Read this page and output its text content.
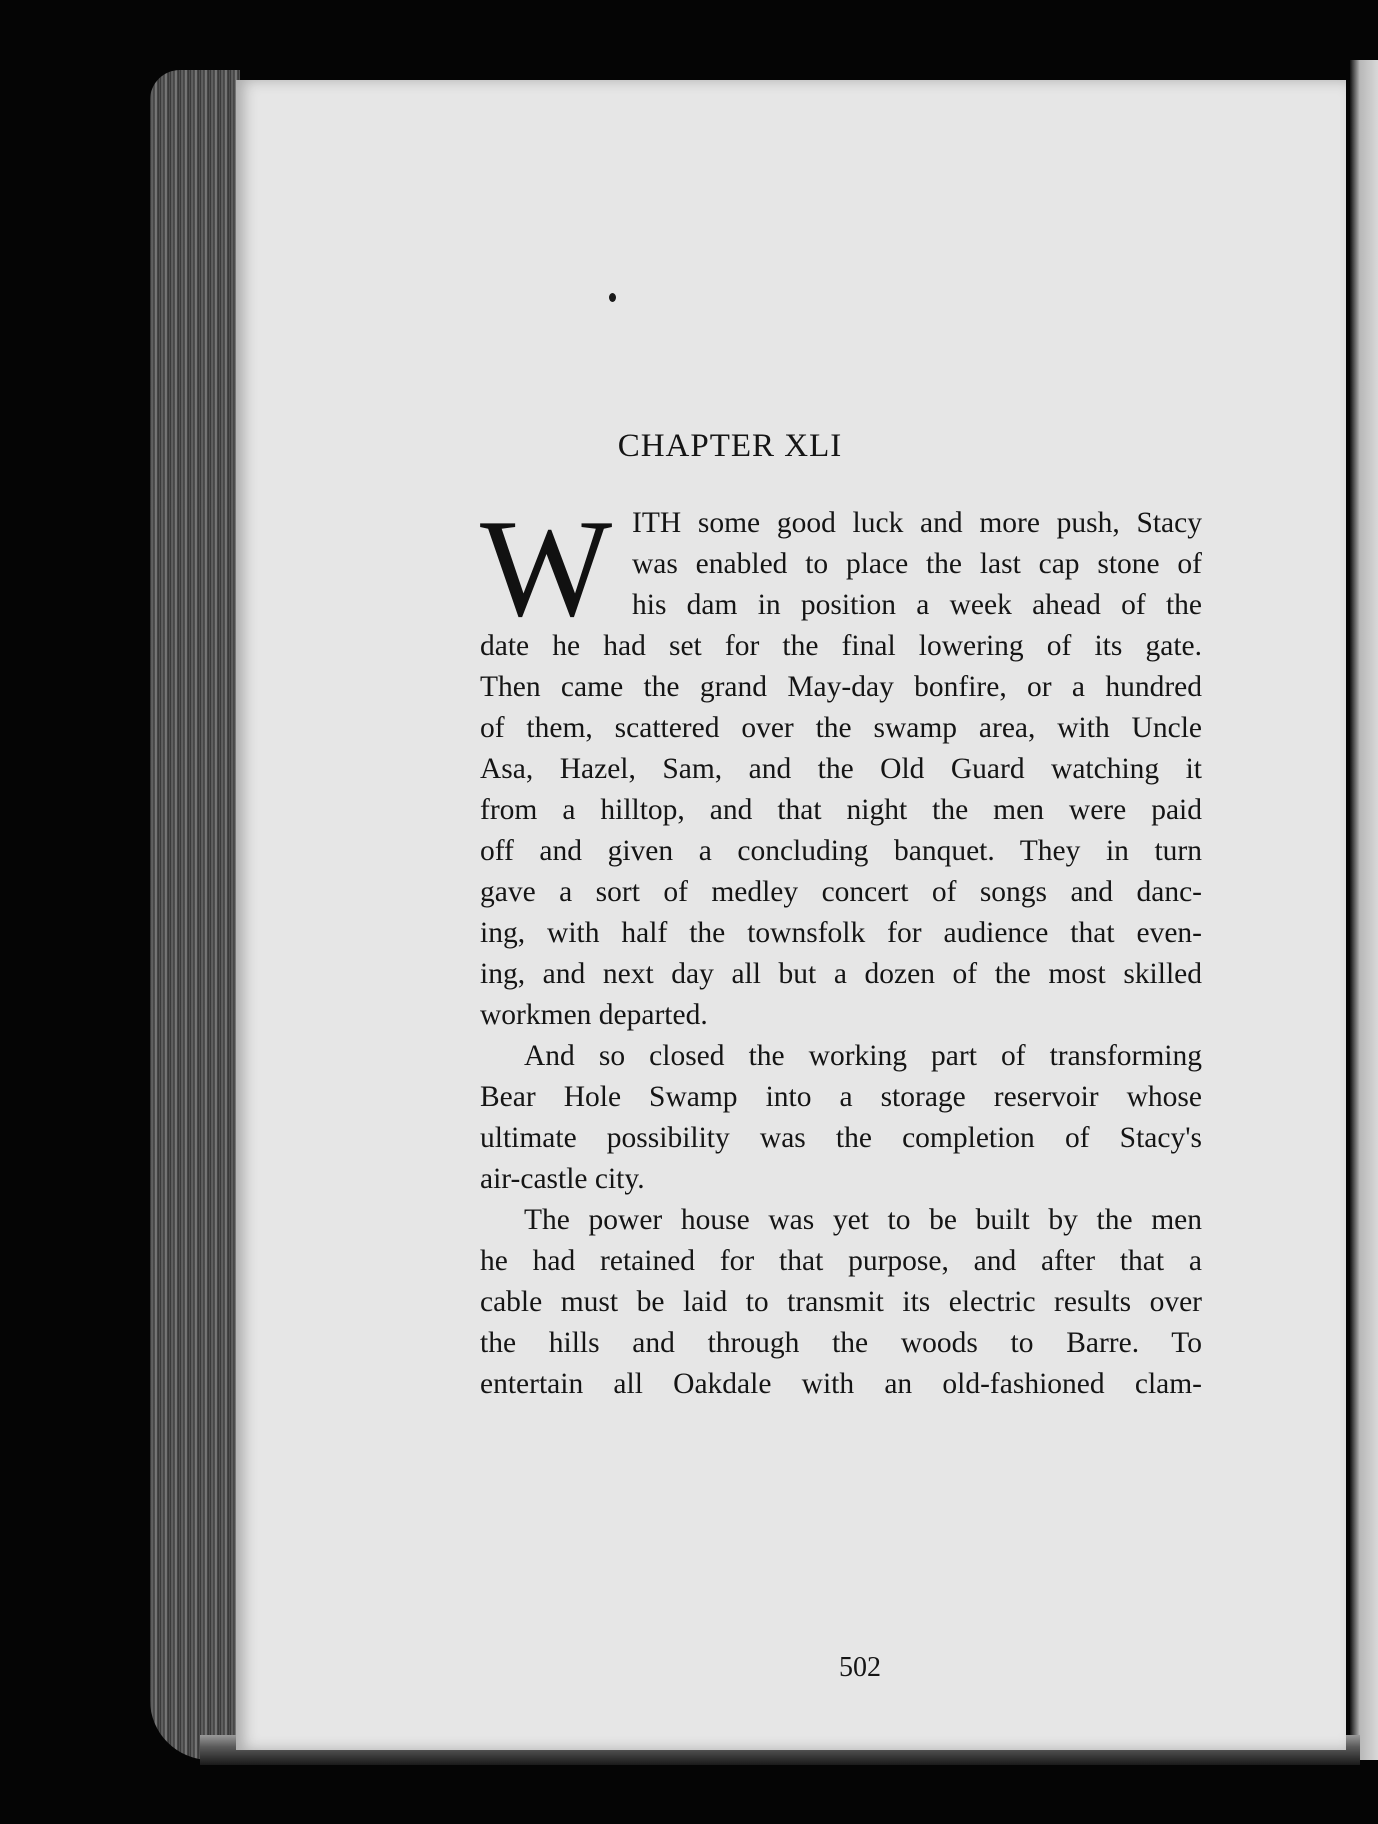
CHAPTER XLI
W ITH some good luck and more push, Stacy
was enabled to place the last cap stone of
his dam in position a week ahead of the
date he had set for the final lowering of its gate.
Then came the grand May-day bonfire, or a hundred
of them, scattered over the swamp area, with Uncle
Asa, Hazel, Sam, and the Old Guard watching it
from a hilltop, and that night the men were paid
off and given a concluding banquet. They in turn
gave a sort of medley concert of songs and danc-
ing, with half the townsfolk for audience that even-
ing, and next day all but a dozen of the most skilled
workmen departed.
And so closed the working part of transforming
Bear Hole Swamp into a storage reservoir whose
ultimate possibility was the completion of Stacy's
air-castle city.
The power house was yet to be built by the men
he had retained for that purpose, and after that a
cable must be laid to transmit its electric results over
the hills and through the woods to Barre. To
entertain all Oakdale with an old-fashioned clam-
502
